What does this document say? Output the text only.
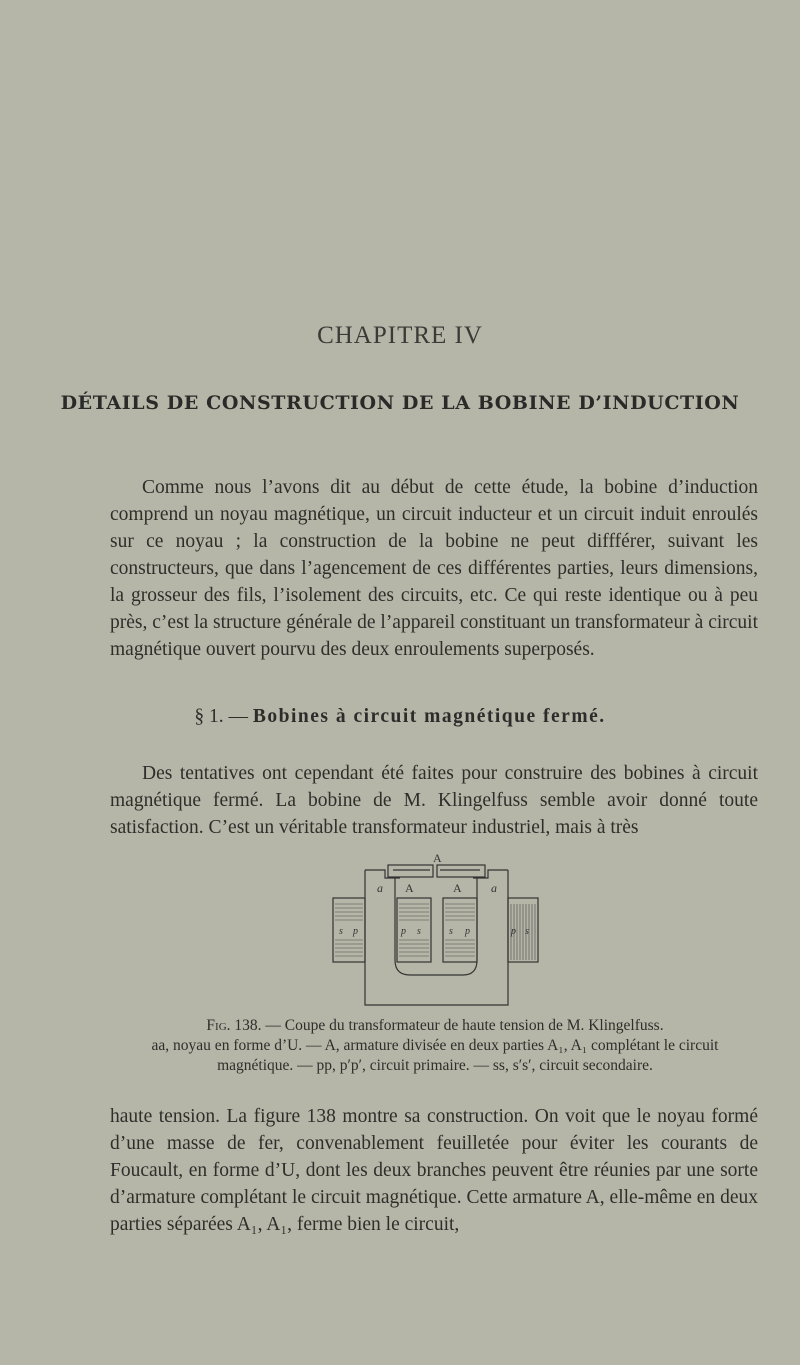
CHAPITRE IV
DÉTAILS DE CONSTRUCTION DE LA BOBINE D’INDUCTION
Comme nous l’avons dit au début de cette étude, la bobine d’induction comprend un noyau magnétique, un circuit inducteur et un circuit induit enroulés sur ce noyau ; la construction de la bobine ne peut diffférer, suivant les constructeurs, que dans l’agencement de ces différentes parties, leurs dimensions, la grosseur des fils, l’isolement des circuits, etc. Ce qui reste identique ou à peu près, c’est la structure générale de l’appareil constituant un transformateur à circuit magnétique ouvert pourvu des deux enroulements superposés.
§ 1. — Bobines à circuit magnétique fermé.
Des tentatives ont cependant été faites pour construire des bobines à circuit magnétique fermé. La bobine de M. Klingelfuss semble avoir donné toute satisfaction. C’est un véritable transformateur industriel, mais à très
A
a A	A a
s p	p s	s p	p s
Fig. 138. — Coupe du transformateur de haute tension de M. Klingelfuss.
aa, noyau en forme d’U. — A, armature divisée en deux parties A₁, A₁ complétant le circuit magnétique. — pp, p′p′, circuit primaire. — ss, s′s′, circuit secondaire.
haute tension. La figure 138 montre sa construction. On voit que le noyau formé d’une masse de fer, convenablement feuilletée pour éviter les courants de Foucault, en forme d’U, dont les deux branches peuvent être réunies par une sorte d’armature complétant le circuit magnétique. Cette armature A, elle-même en deux parties séparées A₁, A₁, ferme bien le circuit,
